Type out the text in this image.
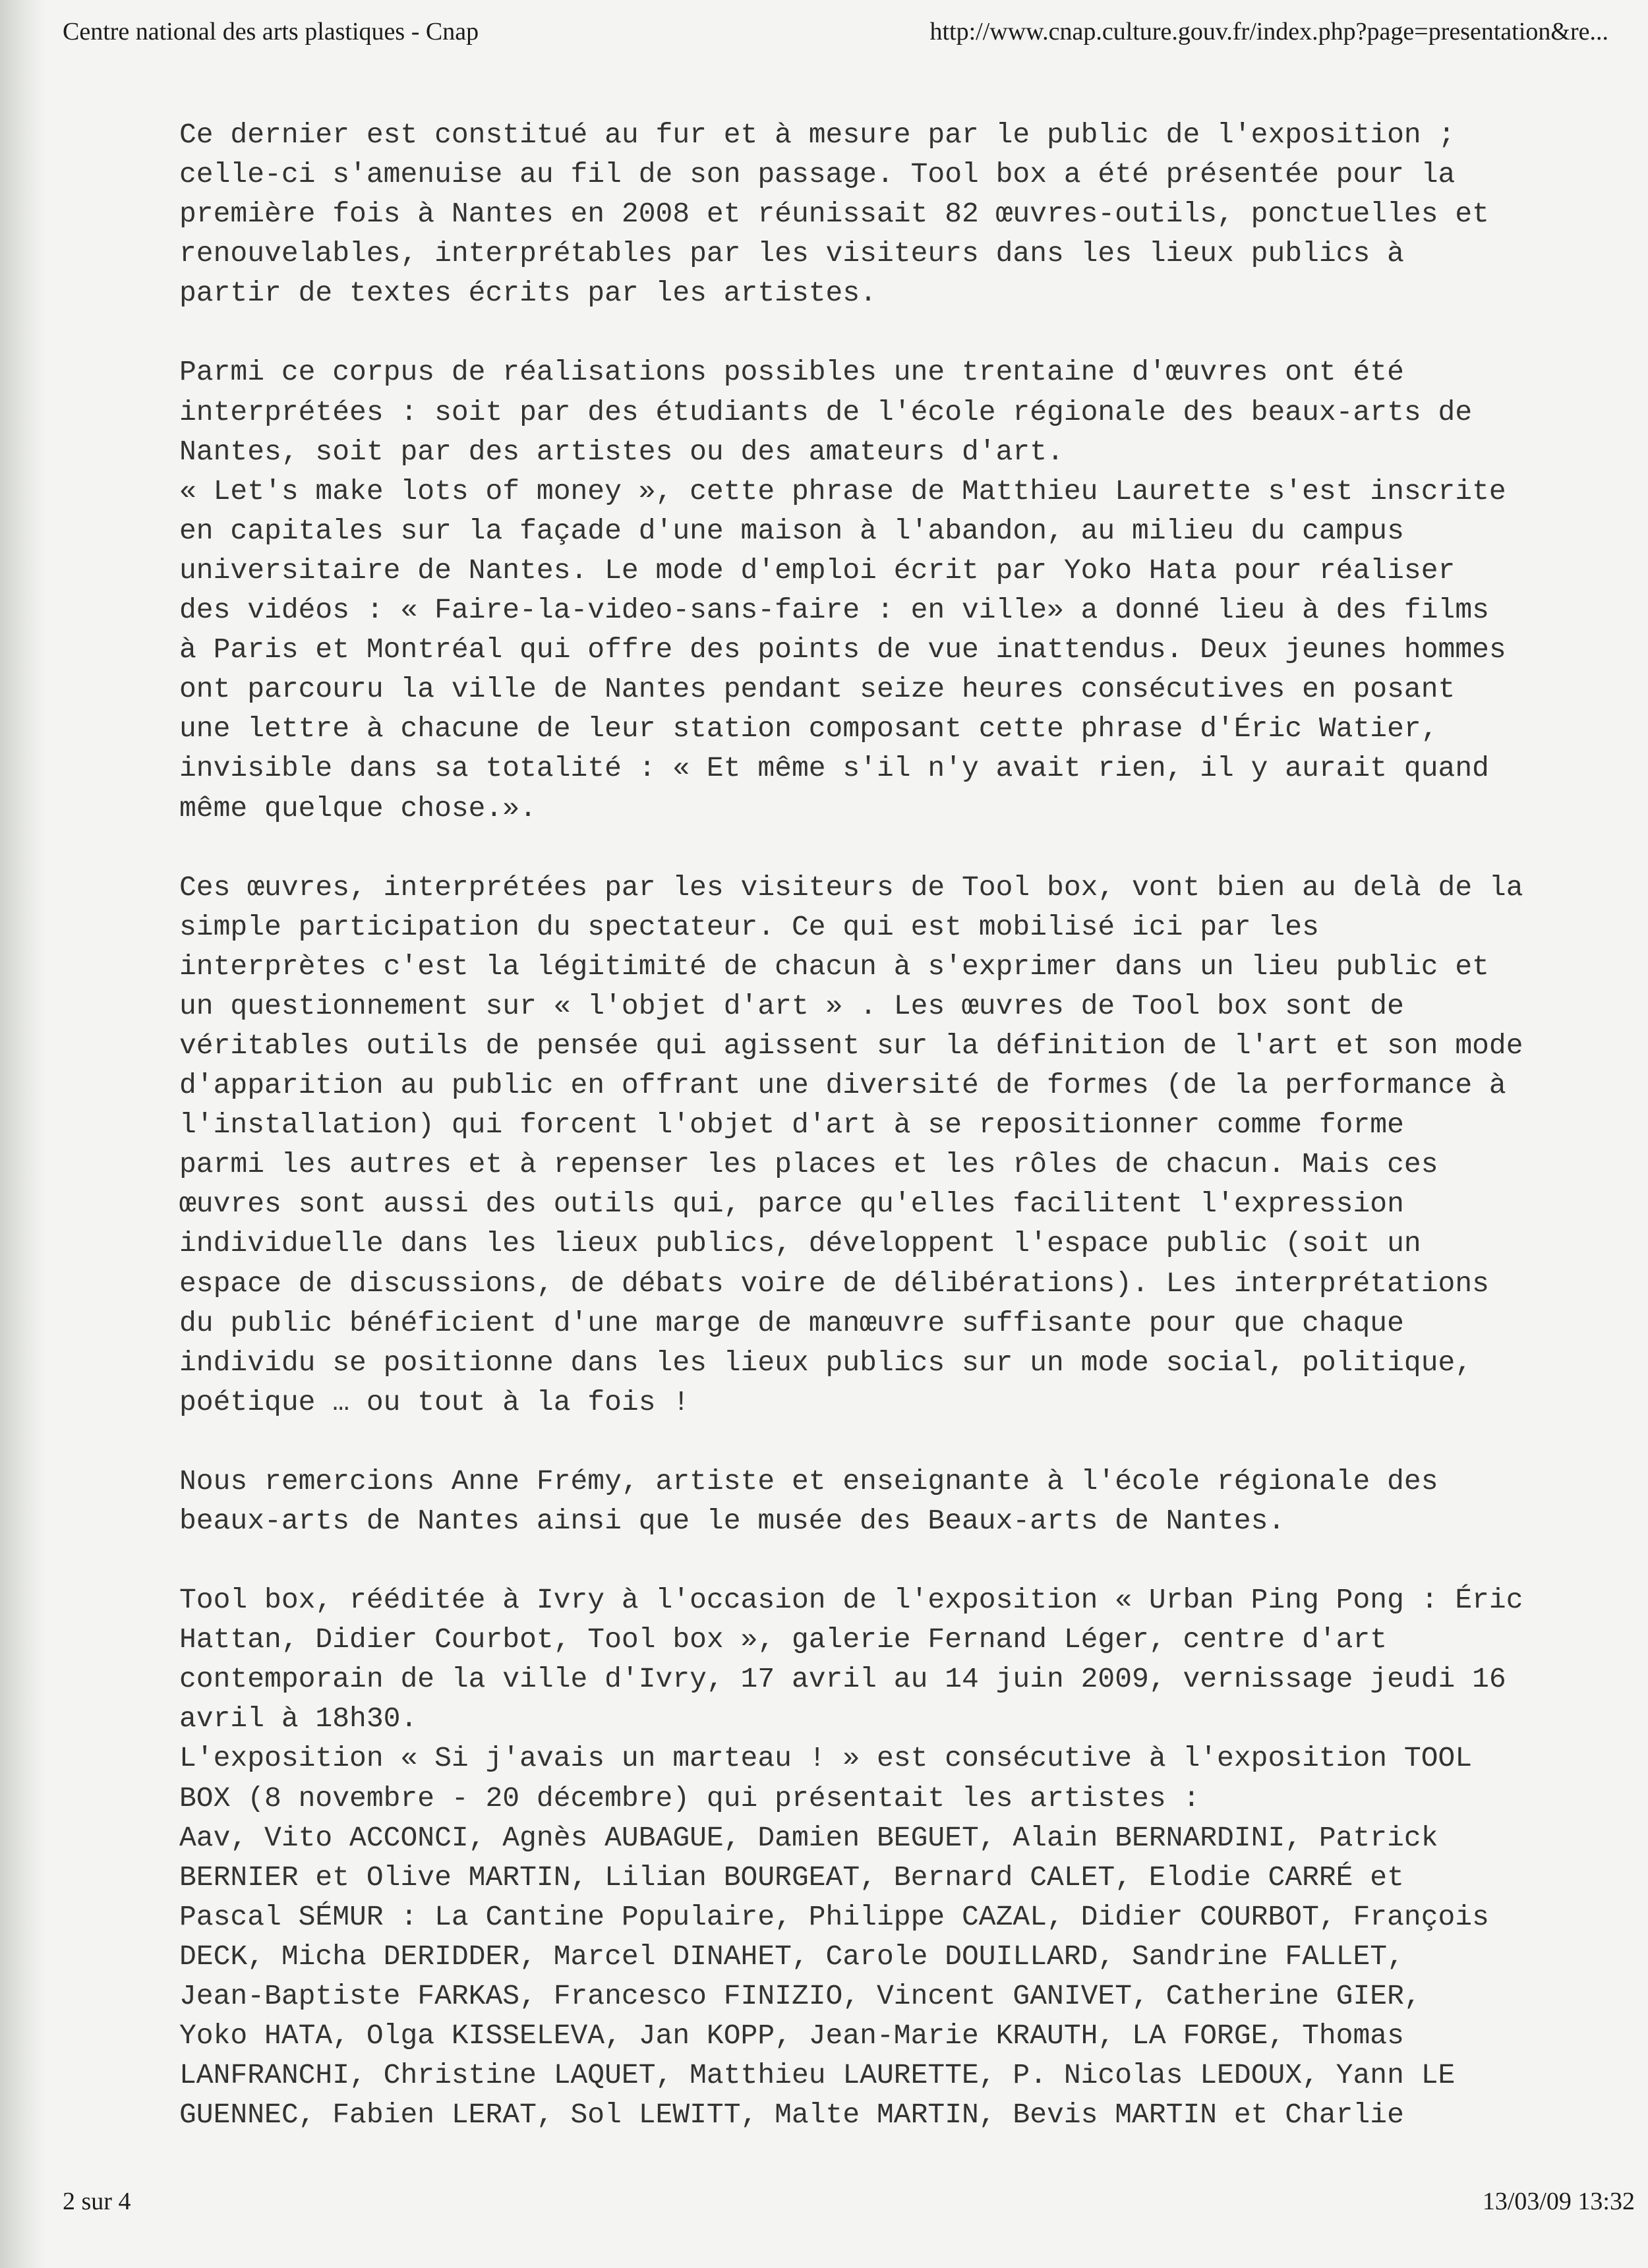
Centre national des arts plastiques - Cnap	http://www.cnap.culture.gouv.fr/index.php?page=presentation&re...

Ce dernier est constitué au fur et à mesure par le public de l'exposition ;
celle-ci s'amenuise au fil de son passage. Tool box a été présentée pour la
première fois à Nantes en 2008 et réunissait 82 œuvres-outils, ponctuelles et
renouvelables, interprétables par les visiteurs dans les lieux publics à
partir de textes écrits par les artistes.

Parmi ce corpus de réalisations possibles une trentaine d'œuvres ont été
interprétées : soit par des étudiants de l'école régionale des beaux-arts de
Nantes, soit par des artistes ou des amateurs d'art.
« Let's make lots of money », cette phrase de Matthieu Laurette s'est inscrite
en capitales sur la façade d'une maison à l'abandon, au milieu du campus
universitaire de Nantes. Le mode d'emploi écrit par Yoko Hata pour réaliser
des vidéos : « Faire-la-video-sans-faire : en ville» a donné lieu à des films
à Paris et Montréal qui offre des points de vue inattendus. Deux jeunes hommes
ont parcouru la ville de Nantes pendant seize heures consécutives en posant
une lettre à chacune de leur station composant cette phrase d'Éric Watier,
invisible dans sa totalité : « Et même s'il n'y avait rien, il y aurait quand
même quelque chose.».

Ces œuvres, interprétées par les visiteurs de Tool box, vont bien au delà de la
simple participation du spectateur. Ce qui est mobilisé ici par les
interprètes c'est la légitimité de chacun à s'exprimer dans un lieu public et
un questionnement sur « l'objet d'art » . Les œuvres de Tool box sont de
véritables outils de pensée qui agissent sur la définition de l'art et son mode
d'apparition au public en offrant une diversité de formes (de la performance à
l'installation) qui forcent l'objet d'art à se repositionner comme forme
parmi les autres et à repenser les places et les rôles de chacun. Mais ces
œuvres sont aussi des outils qui, parce qu'elles facilitent l'expression
individuelle dans les lieux publics, développent l'espace public (soit un
espace de discussions, de débats voire de délibérations). Les interprétations
du public bénéficient d'une marge de manœuvre suffisante pour que chaque
individu se positionne dans les lieux publics sur un mode social, politique,
poétique … ou tout à la fois !

Nous remercions Anne Frémy, artiste et enseignante à l'école régionale des
beaux-arts de Nantes ainsi que le musée des Beaux-arts de Nantes.

Tool box, rééditée à Ivry à l'occasion de l'exposition « Urban Ping Pong : Éric
Hattan, Didier Courbot, Tool box », galerie Fernand Léger, centre d'art
contemporain de la ville d'Ivry, 17 avril au 14 juin 2009, vernissage jeudi 16
avril à 18h30.
L'exposition « Si j'avais un marteau ! » est consécutive à l'exposition TOOL
BOX (8 novembre - 20 décembre) qui présentait les artistes :
Aav, Vito ACCONCI, Agnès AUBAGUE, Damien BEGUET, Alain BERNARDINI, Patrick
BERNIER et Olive MARTIN, Lilian BOURGEAT, Bernard CALET, Elodie CARRÉ et
Pascal SÉMUR : La Cantine Populaire, Philippe CAZAL, Didier COURBOT, François
DECK, Micha DERIDDER, Marcel DINAHET, Carole DOUILLARD, Sandrine FALLET,
Jean-Baptiste FARKAS, Francesco FINIZIO, Vincent GANIVET, Catherine GIER,
Yoko HATA, Olga KISSELEVA, Jan KOPP, Jean-Marie KRAUTH, LA FORGE, Thomas
LANFRANCHI, Christine LAQUET, Matthieu LAURETTE, P. Nicolas LEDOUX, Yann LE
GUENNEC, Fabien LERAT, Sol LEWITT, Malte MARTIN, Bevis MARTIN et Charlie

2 sur 4	13/03/09 13:32
